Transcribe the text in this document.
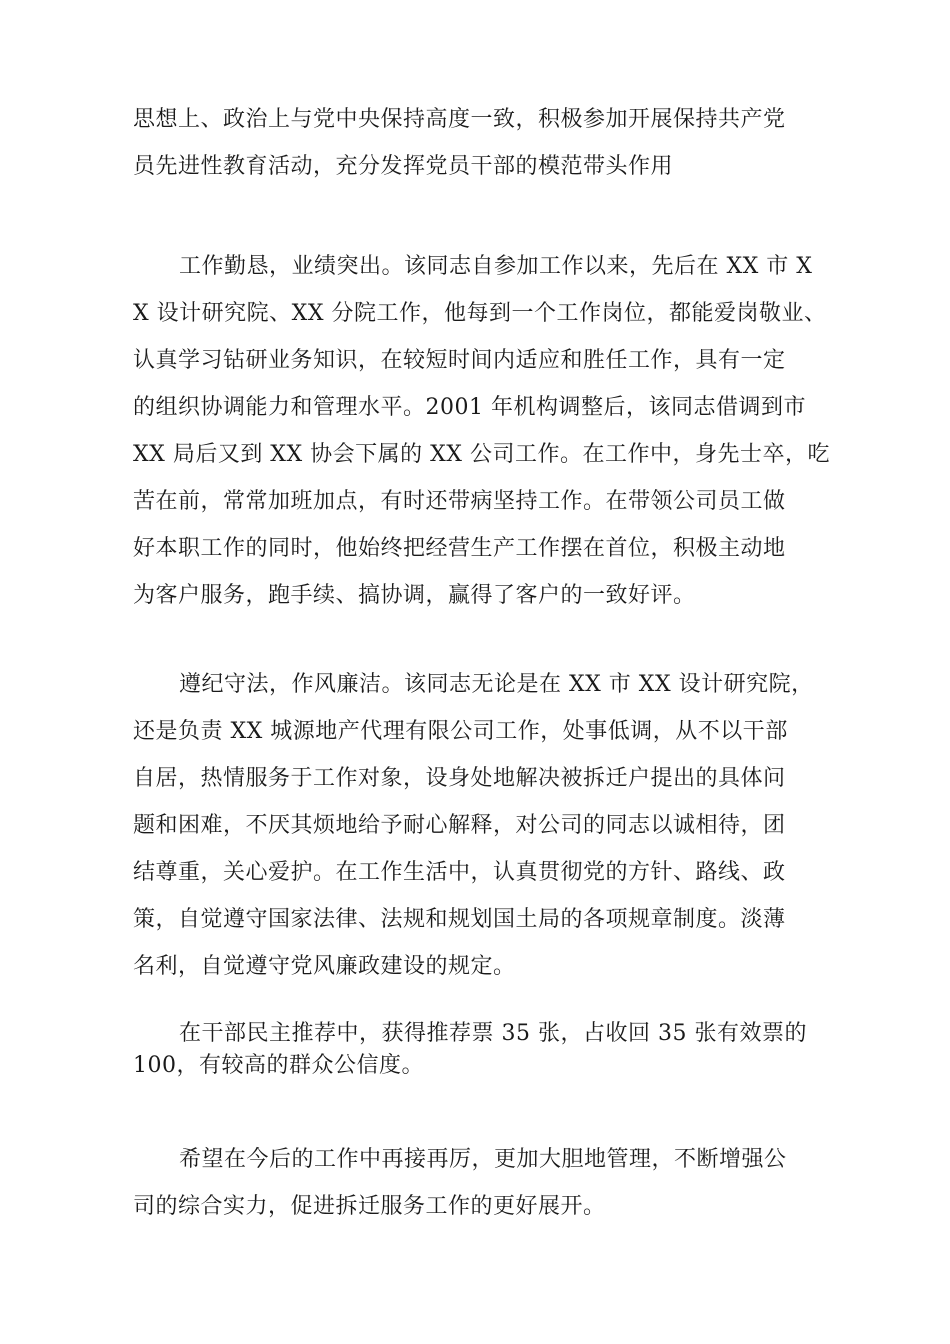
思想上、政治上与党中央保持高度一致，积极参加开展保持共产党
员先进性教育活动，充分发挥党员干部的模范带头作用
工作勤恳，业绩突出。该同志自参加工作以来，先后在 XX 市 X
X 设计研究院、XX 分院工作，他每到一个工作岗位，都能爱岗敬业、
认真学习钻研业务知识，在较短时间内适应和胜任工作，具有一定
的组织协调能力和管理水平。2001 年机构调整后，该同志借调到市
XX 局后又到 XX 协会下属的 XX 公司工作。在工作中，身先士卒，吃
苦在前，常常加班加点，有时还带病坚持工作。在带领公司员工做
好本职工作的同时，他始终把经营生产工作摆在首位，积极主动地
为客户服务，跑手续、搞协调，赢得了客户的一致好评。
遵纪守法，作风廉洁。该同志无论是在 XX 市 XX 设计研究院，
还是负责 XX 城源地产代理有限公司工作，处事低调，从不以干部
自居，热情服务于工作对象，设身处地解决被拆迁户提出的具体问
题和困难，不厌其烦地给予耐心解释，对公司的同志以诚相待，团
结尊重，关心爱护。在工作生活中，认真贯彻党的方针、路线、政
策，自觉遵守国家法律、法规和规划国土局的各项规章制度。淡薄
名利，自觉遵守党风廉政建设的规定。
在干部民主推荐中，获得推荐票 35 张，占收回 35 张有效票的
100，有较高的群众公信度。
希望在今后的工作中再接再厉，更加大胆地管理，不断增强公
司的综合实力，促进拆迁服务工作的更好展开。
